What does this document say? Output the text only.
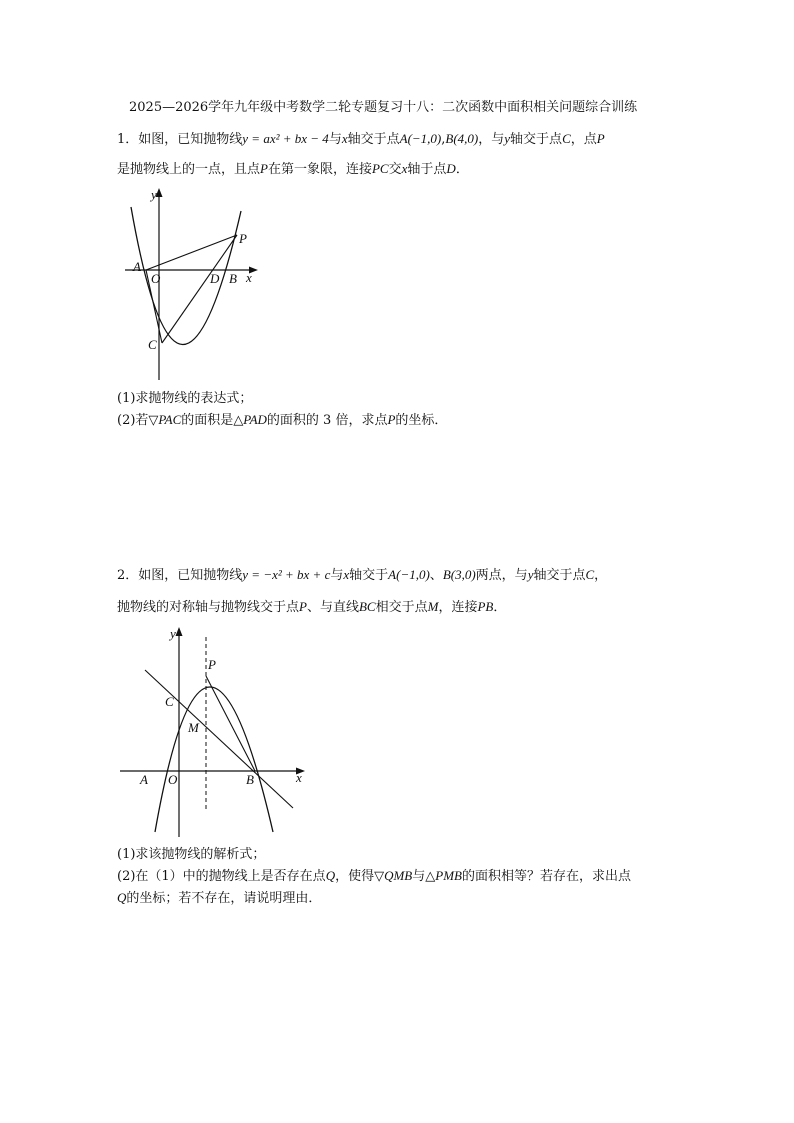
2025—2026学年九年级中考数学二轮专题复习十八：二次函数中面积相关问题综合训练
1．如图，已知抛物线y = ax² + bx − 4与x轴交于点A(−1,0),B(4,0)，与y轴交于点C，点P
是抛物线上的一点，且点P在第一象限，连接PC交x轴于点D．
y
x
A
O	D B
C
P
(1)求抛物线的表达式；
(2)若▽PAC的面积是△PAD的面积的 3 倍，求点P的坐标．
2．如图，已知抛物线y = −x² + bx + c与x轴交于A(−1,0)、B(3,0)两点，与y轴交于点C，
抛物线的对称轴与抛物线交于点P、与直线BC相交于点M，连接PB．
y
x
A O	B
C
M
P
(1)求该抛物线的解析式；
(2)在（1）中的抛物线上是否存在点Q，使得▽QMB与△PMB的面积相等？若存在，求出点
Q的坐标；若不存在，请说明理由．
